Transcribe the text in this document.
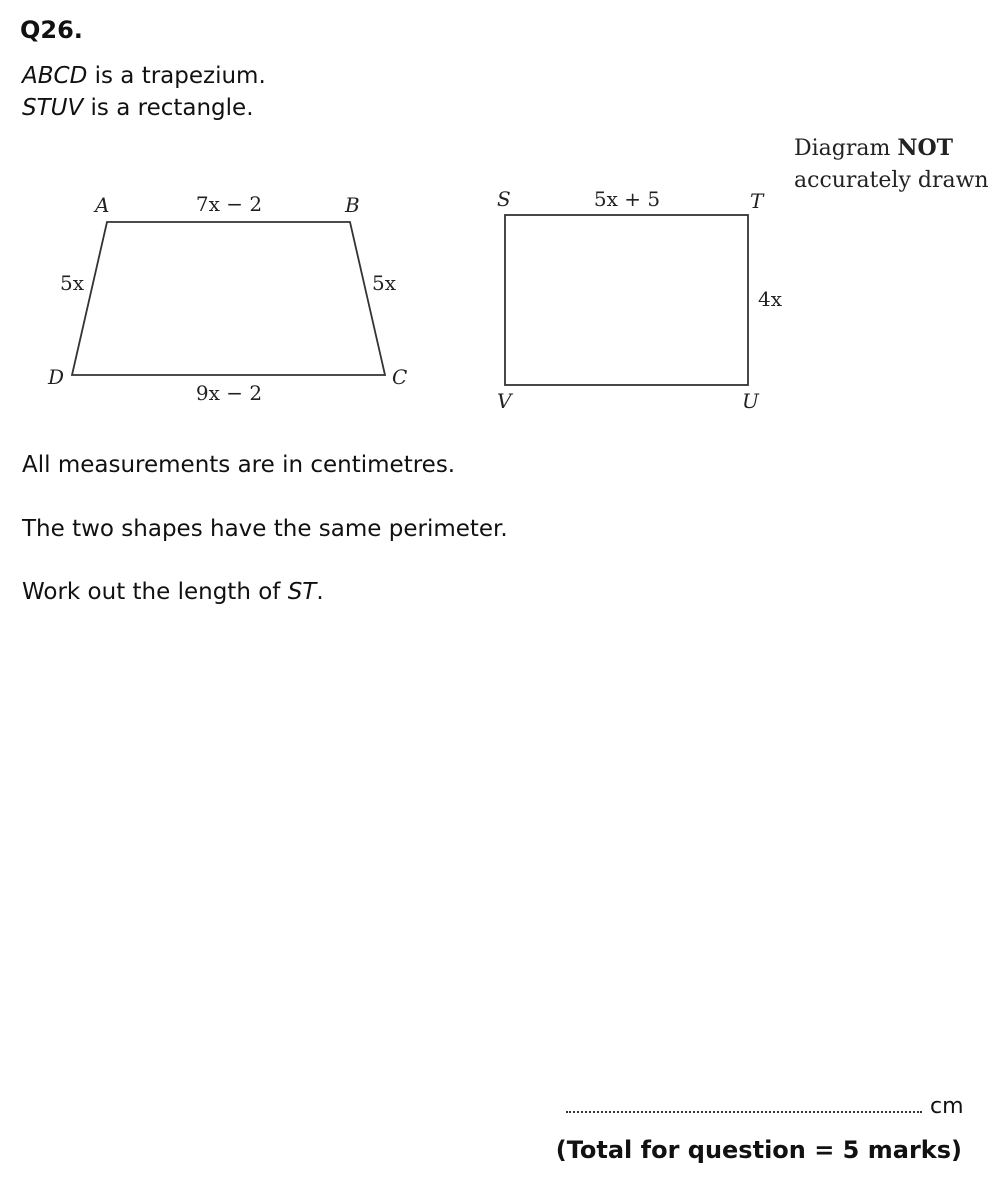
Q26.
ABCD is a trapezium.
STUV is a rectangle.
Diagram NOT
accurately drawn
A	B
C
D
7x − 2
5x
9x − 2
5x
S	T
U
V
5x + 5
4x
All measurements are in centimetres.
The two shapes have the same perimeter.
Work out the length of ST.
cm
(Total for question = 5 marks)
